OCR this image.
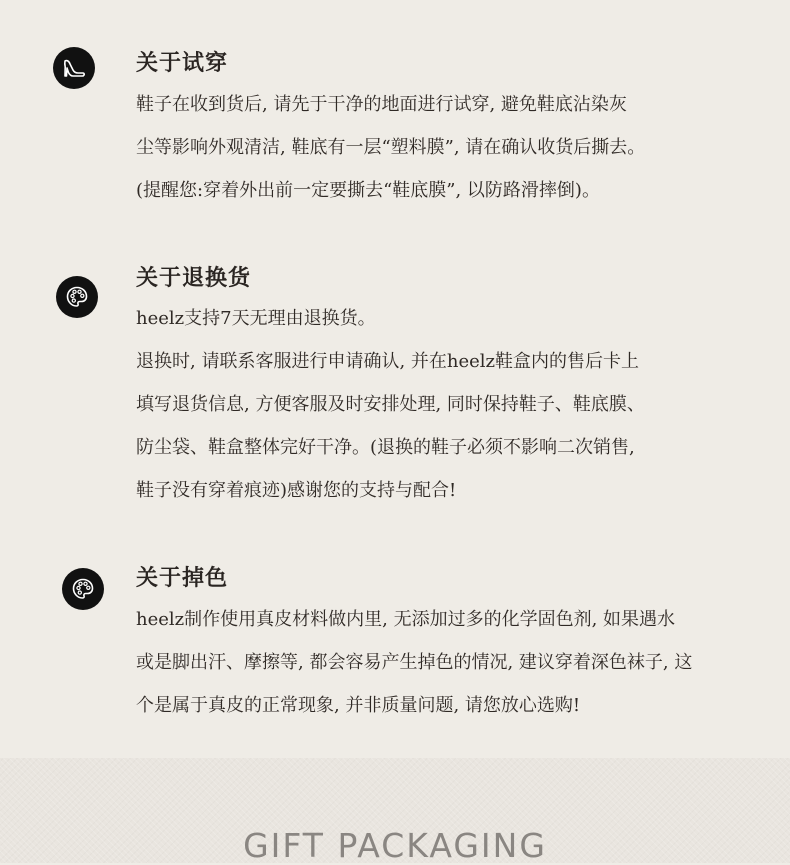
关于试穿
鞋子在收到货后, 请先于干净的地面进行试穿, 避免鞋底沾染灰
尘等影响外观清洁, 鞋底有一层“塑料膜”, 请在确认收货后撕去。
(提醒您:穿着外出前一定要撕去“鞋底膜”, 以防路滑摔倒)。
关于退换货
heelz支持7天无理由退换货。
退换时, 请联系客服进行申请确认, 并在heelz鞋盒内的售后卡上
填写退货信息, 方便客服及时安排处理, 同时保持鞋子、鞋底膜、
防尘袋、鞋盒整体完好干净。(退换的鞋子必须不影响二次销售,
鞋子没有穿着痕迹)感谢您的支持与配合!
关于掉色
heelz制作使用真皮材料做内里, 无添加过多的化学固色剂, 如果遇水
或是脚出汗、摩擦等, 都会容易产生掉色的情况, 建议穿着深色袜子, 这
个是属于真皮的正常现象, 并非质量问题, 请您放心选购!
GIFT PACKAGING
